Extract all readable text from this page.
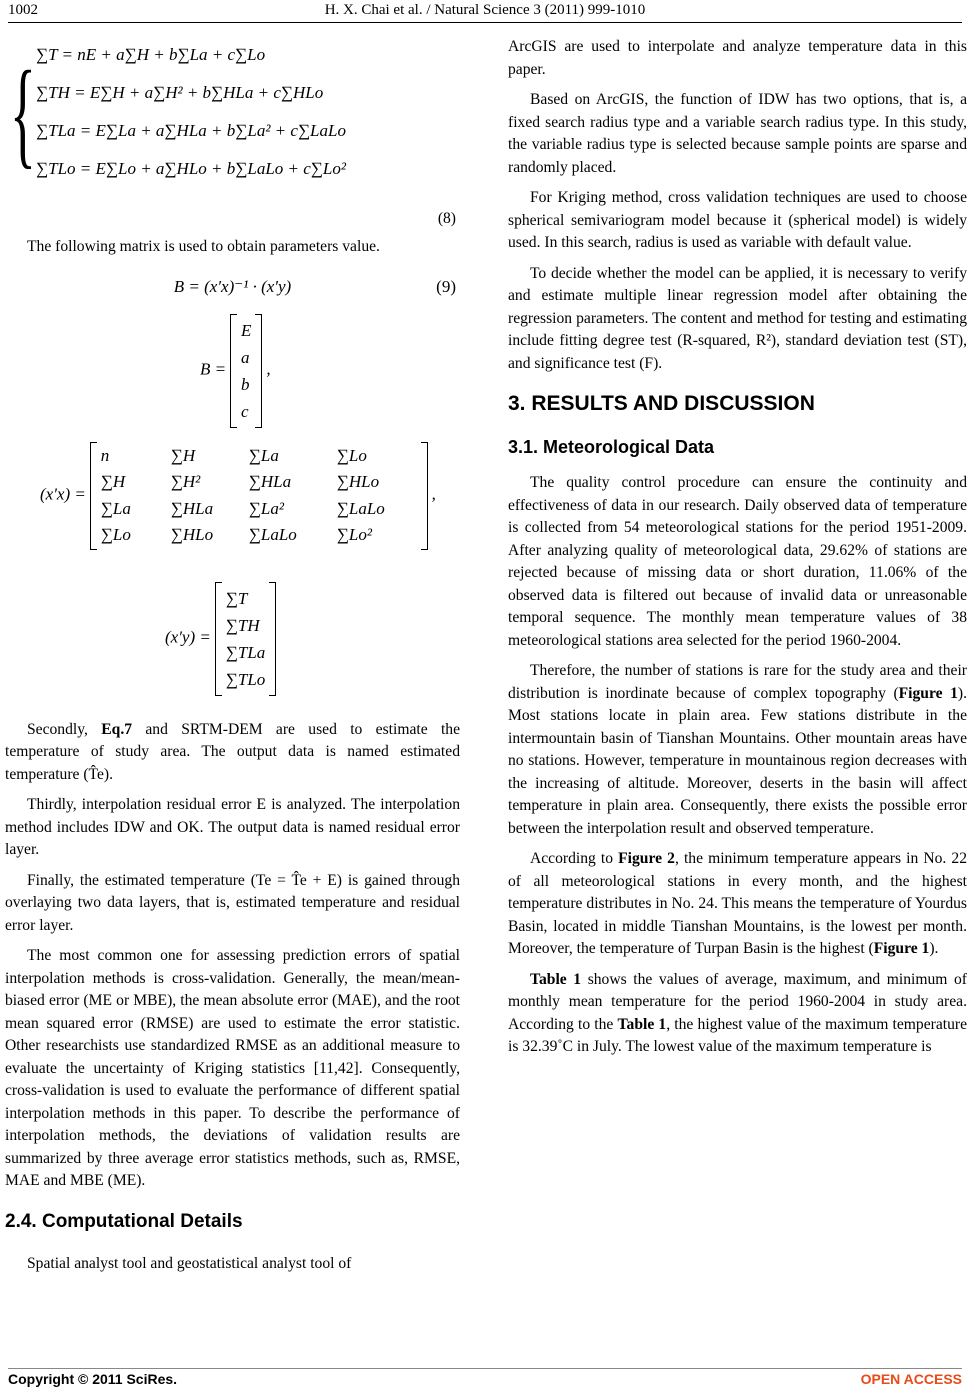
1002	H. X. Chai et al. / Natural Science 3 (2011) 999-1010
{ ∑T = nE + a∑H + b∑La + c∑Lo
∑TH = E∑H + a∑H² + b∑HLa + c∑HLo
∑TLa = E∑La + a∑HLa + b∑La² + c∑LaLo
∑TLo = E∑Lo + a∑HLo + b∑LaLo + c∑Lo²
(8)

The following matrix is used to obtain parameters value.

B = (x′x)⁻¹ · (x′y)	(9)
B =
E
a
b
c
,
(x′x) =
n	∑H	∑La	∑Lo
∑H	∑H²	∑HLa	∑HLo
∑La	∑HLa	∑La²	∑LaLo
∑Lo	∑HLo	∑LaLo	∑Lo²
,
(x′y) =
∑T
∑TH
∑TLa
∑TLo

Secondly, Eq.7 and SRTM-DEM are used to estimate the temperature of study area. The output data is named estimated temperature (T̂e).

Thirdly, interpolation residual error E is analyzed. The interpolation method includes IDW and OK. The output data is named residual error layer.

Finally, the estimated temperature (Te = T̂e + E) is gained through overlaying two data layers, that is, estimated temperature and residual error layer.

The most common one for assessing prediction errors of spatial interpolation methods is cross-validation. Generally, the mean/mean-biased error (ME or MBE), the mean absolute error (MAE), and the root mean squared error (RMSE) are used to estimate the error statistic. Other researchists use standardized RMSE as an additional measure to evaluate the uncertainty of Kriging statistics [11,42]. Consequently, cross-validation is used to evaluate the performance of different spatial interpolation methods in this paper. To describe the performance of interpolation methods, the deviations of validation results are summarized by three average error statistics methods, such as, RMSE, MAE and MBE (ME).

2.4. Computational Details

Spatial analyst tool and geostatistical analyst tool of

ArcGIS are used to interpolate and analyze temperature data in this paper.

Based on ArcGIS, the function of IDW has two options, that is, a fixed search radius type and a variable search radius type. In this study, the variable radius type is selected because sample points are sparse and randomly placed.

For Kriging method, cross validation techniques are used to choose spherical semivariogram model because it (spherical model) is widely used. In this search, radius is used as variable with default value.

To decide whether the model can be applied, it is necessary to verify and estimate multiple linear regression model after obtaining the regression parameters. The content and method for testing and estimating include fitting degree test (R-squared, R²), standard deviation test (ST), and significance test (F).

3. RESULTS AND DISCUSSION
3.1. Meteorological Data

The quality control procedure can ensure the continuity and effectiveness of data in our research. Daily observed data of temperature is collected from 54 meteorological stations for the period 1951-2009. After analyzing quality of meteorological data, 29.62% of stations are rejected because of missing data or short duration, 11.06% of the observed data is filtered out because of invalid data or unreasonable temporal sequence. The monthly mean temperature values of 38 meteorological stations area selected for the period 1960-2004.

Therefore, the number of stations is rare for the study area and their distribution is inordinate because of complex topography (Figure 1). Most stations locate in plain area. Few stations distribute in the intermountain basin of Tianshan Mountains. Other mountain areas have no stations. However, temperature in mountainous region decreases with the increasing of altitude. Moreover, deserts in the basin will affect temperature in plain area. Consequently, there exists the possible error between the interpolation result and observed temperature.

According to Figure 2, the minimum temperature appears in No. 22 of all meteorological stations in every month, and the highest temperature distributes in No. 24. This means the temperature of Yourdus Basin, located in middle Tianshan Mountains, is the lowest per month. Moreover, the temperature of Turpan Basin is the highest (Figure 1).

Table 1 shows the values of average, maximum, and minimum of monthly mean temperature for the period 1960-2004 in study area. According to the Table 1, the highest value of the maximum temperature is 32.39˚C in July. The lowest value of the maximum temperature is

Copyright © 2011 SciRes.	OPEN ACCESS
